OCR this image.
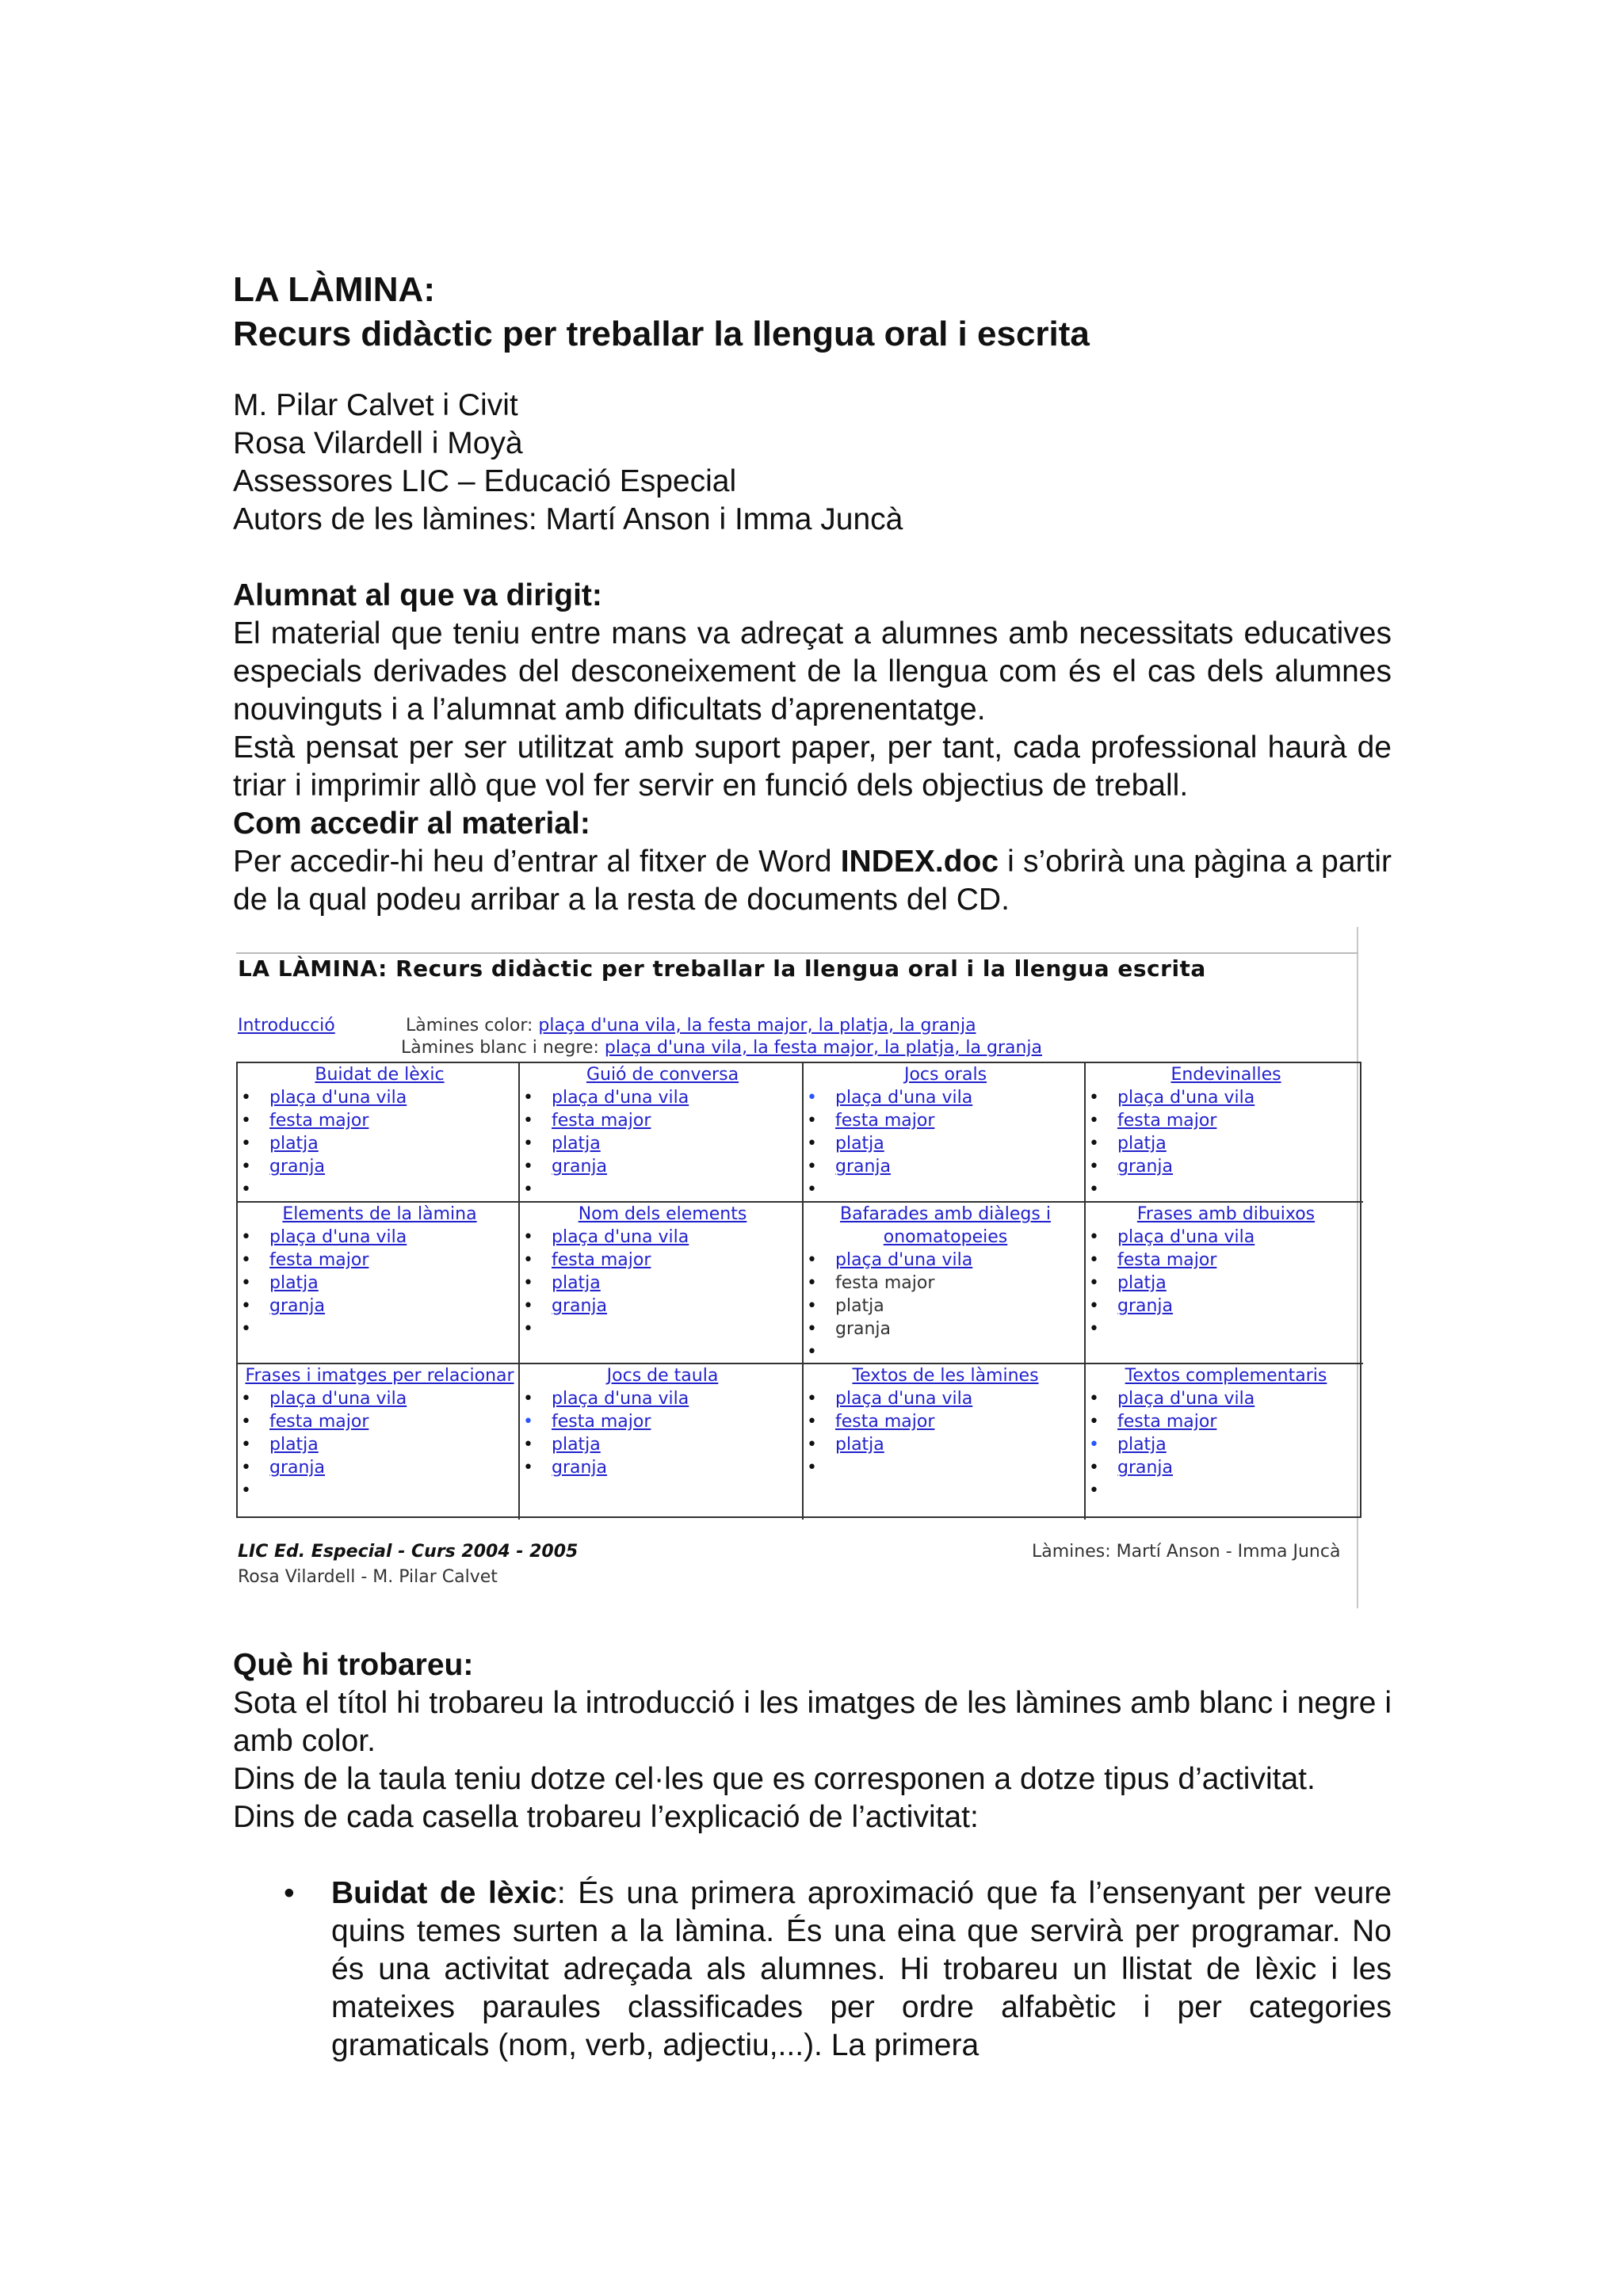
LA LÀMINA:
Recurs didàctic per treballar la llengua oral i escrita
M. Pilar Calvet i Civit
Rosa Vilardell i Moyà
Assessores LIC – Educació Especial
Autors de les làmines: Martí Anson i Imma Juncà
Alumnat al que va dirigit:
El material que teniu entre mans va adreçat a alumnes amb necessitats educatives especials derivades del desconeixement de la llengua com és el cas dels alumnes nouvinguts i a l’alumnat amb dificultats d’aprenentatge.
Està pensat per ser utilitzat amb suport paper, per tant, cada professional haurà de triar i imprimir allò que vol fer servir en funció dels objectius de treball.
Com accedir al material:
Per accedir-hi heu d’entrar al fitxer de Word INDEX.doc i s’obrirà una pàgina a partir de la qual podeu arribar a la resta de documents del CD.
LA LÀMINA: Recurs didàctic per treballar la llengua oral i la llengua escrita
Introducció	Làmines color: plaça d'una vila, la festa major, la platja, la granja
Làmines blanc i negre: plaça d'una vila, la festa major, la platja, la granja
Buidat de lèxic
• plaça d'una vila
• festa major
• platja
• granja
•
Guió de conversa
• plaça d'una vila
• festa major
• platja
• granja
•
Jocs orals
• plaça d'una vila
• festa major
• platja
• granja
•
Endevinalles
• plaça d'una vila
• festa major
• platja
• granja
•
Elements de la làmina
• plaça d'una vila
• festa major
• platja
• granja
•
Nom dels elements
• plaça d'una vila
• festa major
• platja
• granja
•
Bafarades amb diàlegs i onomatopeies
• plaça d'una vila
• festa major
• platja
• granja
•
Frases amb dibuixos
• plaça d'una vila
• festa major
• platja
• granja
•
Frases i imatges per relacionar
• plaça d'una vila
• festa major
• platja
• granja
•
Jocs de taula
• plaça d'una vila
• festa major
• platja
• granja
Textos de les làmines
• plaça d'una vila
• festa major
• platja
•
Textos complementaris
• plaça d'una vila
• festa major
• platja
• granja
•
LIC Ed. Especial - Curs 2004 - 2005
Rosa Vilardell - M. Pilar Calvet
Làmines: Martí Anson - Imma Juncà
Què hi trobareu:
Sota el títol hi trobareu la introducció i les imatges de les làmines amb blanc i negre i amb color.
Dins de la taula teniu dotze cel·les que es corresponen a dotze tipus d’activitat.
Dins de cada casella trobareu l’explicació de l’activitat:
• Buidat de lèxic: És una primera aproximació que fa l’ensenyant per veure quins temes surten a la làmina. És una eina que servirà per programar. No és una activitat adreçada als alumnes. Hi trobareu un llistat de lèxic i les mateixes paraules classificades per ordre alfabètic i per categories gramaticals (nom, verb, adjectiu,...). La primera
